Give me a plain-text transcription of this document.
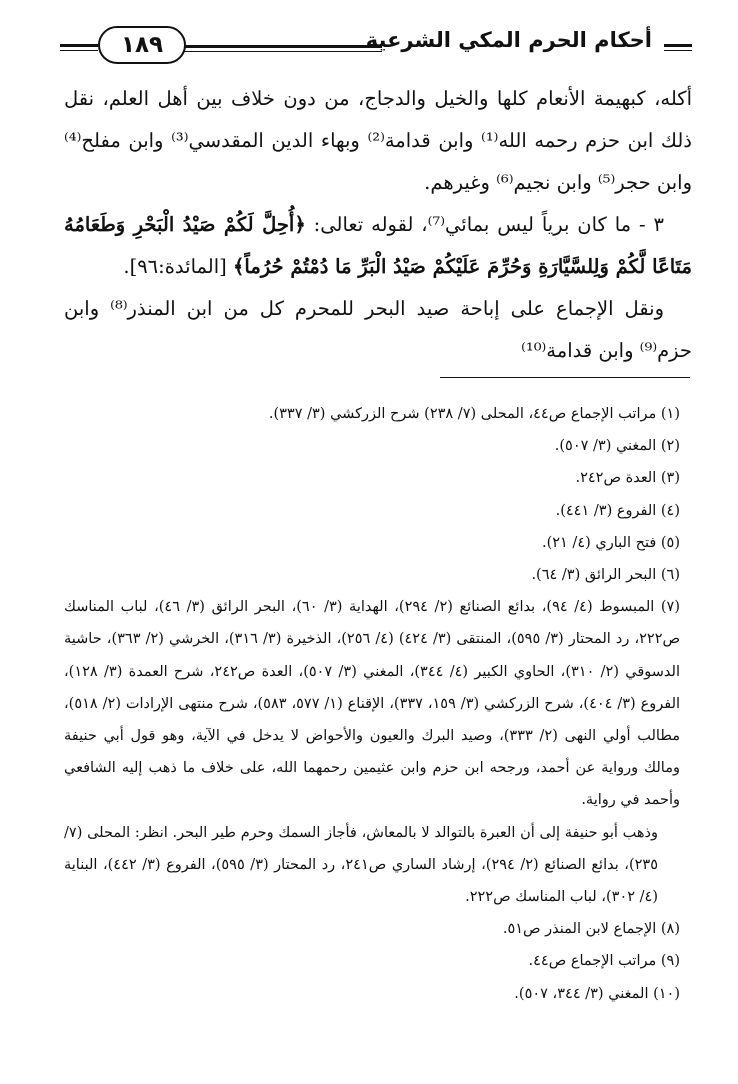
أحكام الحرم المكي الشرعية
١٨٩

أكله، كبهيمة الأنعام كلها والخيل والدجاج، من دون خلاف بين أهل العلم، نقل ذلك ابن حزم رحمه الله⁽¹⁾ وابن قدامة⁽²⁾ وبهاء الدين المقدسي⁽³⁾ وابن مفلح⁽⁴⁾ وابن حجر⁽⁵⁾ وابن نجيم⁽⁶⁾ وغيرهم.

٣ - ما كان برياً ليس بمائي⁽⁷⁾، لقوله تعالى: ﴿أُحِلَّ لَكُمْ صَيْدُ الْبَحْرِ وَطَعَامُهُ مَتَاعًا لَّكُمْ وَلِلسَّيَّارَةِ وَحُرِّمَ عَلَيْكُمْ صَيْدُ الْبَرِّ مَا دُمْتُمْ حُرُماً﴾ [المائدة:٩٦].

ونقل الإجماع على إباحة صيد البحر للمحرم كل من ابن المنذر⁽⁸⁾ وابن حزم⁽⁹⁾ وابن قدامة⁽¹⁰⁾

(١) مراتب الإجماع ص٤٤، المحلى (٧/ ٢٣٨) شرح الزركشي (٣/ ٣٣٧).

(٢) المغني (٣/ ٥٠٧).

(٣) العدة ص٢٤٢.

(٤) الفروع (٣/ ٤٤١).

(٥) فتح الباري (٤/ ٢١).

(٦) البحر الرائق (٣/ ٦٤).

(٧) المبسوط (٤/ ٩٤)، بدائع الصنائع (٢/ ٢٩٤)، الهداية (٣/ ٦٠)، البحر الرائق (٣/ ٤٦)، لباب المناسك ص٢٢٢، رد المحتار (٣/ ٥٩٥)، المنتقى (٣/ ٤٢٤) (٤/ ٢٥٦)، الذخيرة (٣/ ٣١٦)، الخرشي (٢/ ٣٦٣)، حاشية الدسوقي (٢/ ٣١٠)، الحاوي الكبير (٤/ ٣٤٤)، المغني (٣/ ٥٠٧)، العدة ص٢٤٢، شرح العمدة (٣/ ١٢٨)، الفروع (٣/ ٤٠٤)، شرح الزركشي (٣/ ١٥٩، ٣٣٧)، الإقناع (١/ ٥٧٧، ٥٨٣)، شرح منتهى الإرادات (٢/ ٥١٨)، مطالب أولي النهى (٢/ ٣٣٣)، وصيد البرك والعيون والأحواض لا يدخل في الآية، وهو قول أبي حنيفة ومالك ورواية عن أحمد، ورجحه ابن حزم وابن عثيمين رحمهما الله، على خلاف ما ذهب إليه الشافعي وأحمد في رواية.

وذهب أبو حنيفة إلى أن العبرة بالتوالد لا بالمعاش، فأجاز السمك وحرم طير البحر. انظر: المحلى (٧/ ٢٣٥)، بدائع الصنائع (٢/ ٢٩٤)، إرشاد الساري ص٢٤١، رد المحتار (٣/ ٥٩٥)، الفروع (٣/ ٤٤٢)، البناية (٤/ ٣٠٢)، لباب المناسك ص٢٢٢.

(٨) الإجماع لابن المنذر ص٥١.

(٩) مراتب الإجماع ص٤٤.

(١٠) المغني (٣/ ٣٤٤، ٥٠٧).
